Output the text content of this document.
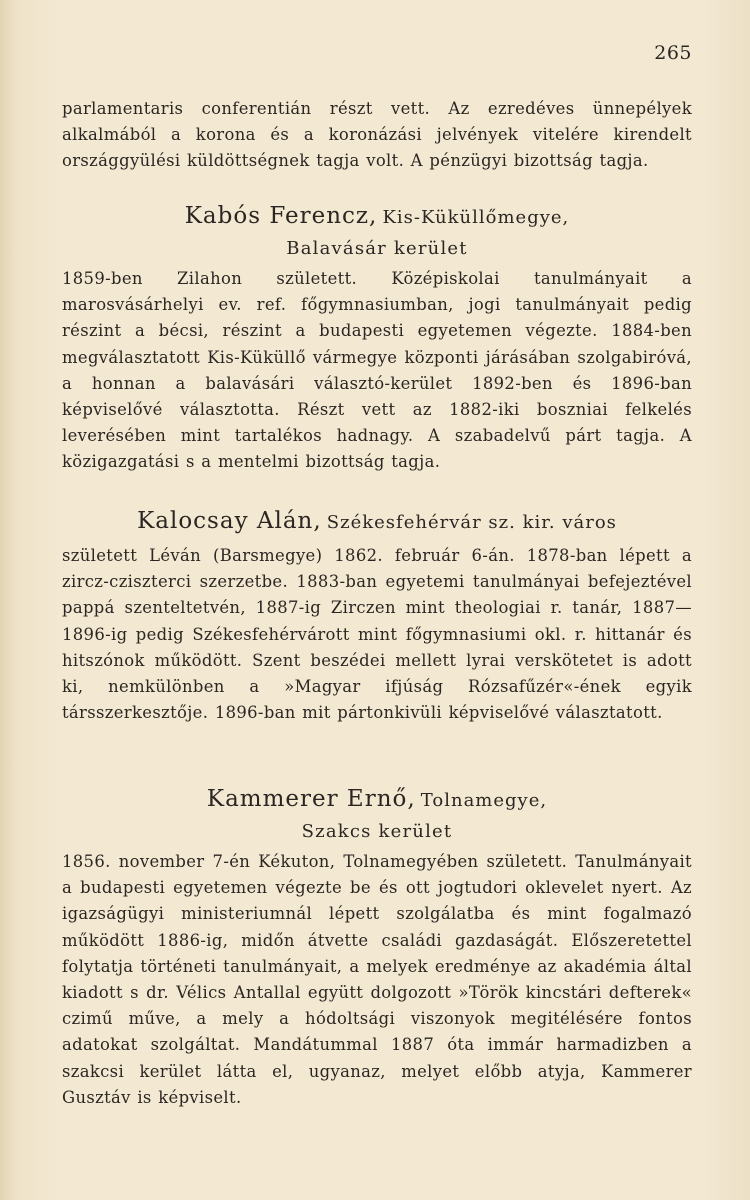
265

parlamentaris conferentián részt vett. Az ezredéves ünnepélyek alkalmából a korona és a koronázási jelvények vitelére kirendelt országgyülési küldöttségnek tagja volt. A pénzügyi bizottság tagja.

Kabós Ferencz, Kis-Küküllőmegye,
Balavásár kerület

1859-ben Zilahon született. Középiskolai tanulmányait a marosvásárhelyi ev. ref. főgymnasiumban, jogi tanulmányait pedig részint a bécsi, részint a budapesti egyetemen végezte. 1884-ben megválasztatott Kis-Küküllő vármegye központi járásában szolgabiróvá, a honnan a balavásári választó-kerület 1892-ben és 1896-ban képviselővé választotta. Részt vett az 1882-iki boszniai felkelés leverésében mint tartalékos hadnagy. A szabadelvű párt tagja. A közigazgatási s a mentelmi bizottság tagja.

Kalocsay Alán, Székesfehérvár sz. kir. város

született Léván (Barsmegye) 1862. február 6-án. 1878-ban lépett a zircz-cziszterci szerzetbe. 1883-ban egyetemi tanulmányai befejeztével pappá szenteltetvén, 1887-ig Zirczen mint theologiai r. tanár, 1887—1896-ig pedig Székesfehérvárott mint főgymnasiumi okl. r. hittanár és hitszónok működött. Szent beszédei mellett lyrai verskötetet is adott ki, nemkülönben a »Magyar ifjúság Rózsafűzér«-ének egyik társszerkesztője. 1896-ban mit pártonkivüli képviselővé választatott.

Kammerer Ernő, Tolnamegye,
Szakcs kerület

1856. november 7-én Kékuton, Tolnamegyében született. Tanulmányait a budapesti egyetemen végezte be és ott jogtudori oklevelet nyert. Az igazságügyi ministeriumnál lépett szolgálatba és mint fogalmazó működött 1886-ig, midőn átvette családi gazdaságát. Előszeretettel folytatja történeti tanulmányait, a melyek eredménye az akadémia által kiadott s dr. Vélics Antallal együtt dolgozott »Török kincstári defterek« czimű műve, a mely a hódoltsági viszonyok megitélésére fontos adatokat szolgáltat. Mandátummal 1887 óta immár harmadizben a szakcsi kerület látta el, ugyanaz, melyet előbb atyja, Kammerer Gusztáv is képviselt.
